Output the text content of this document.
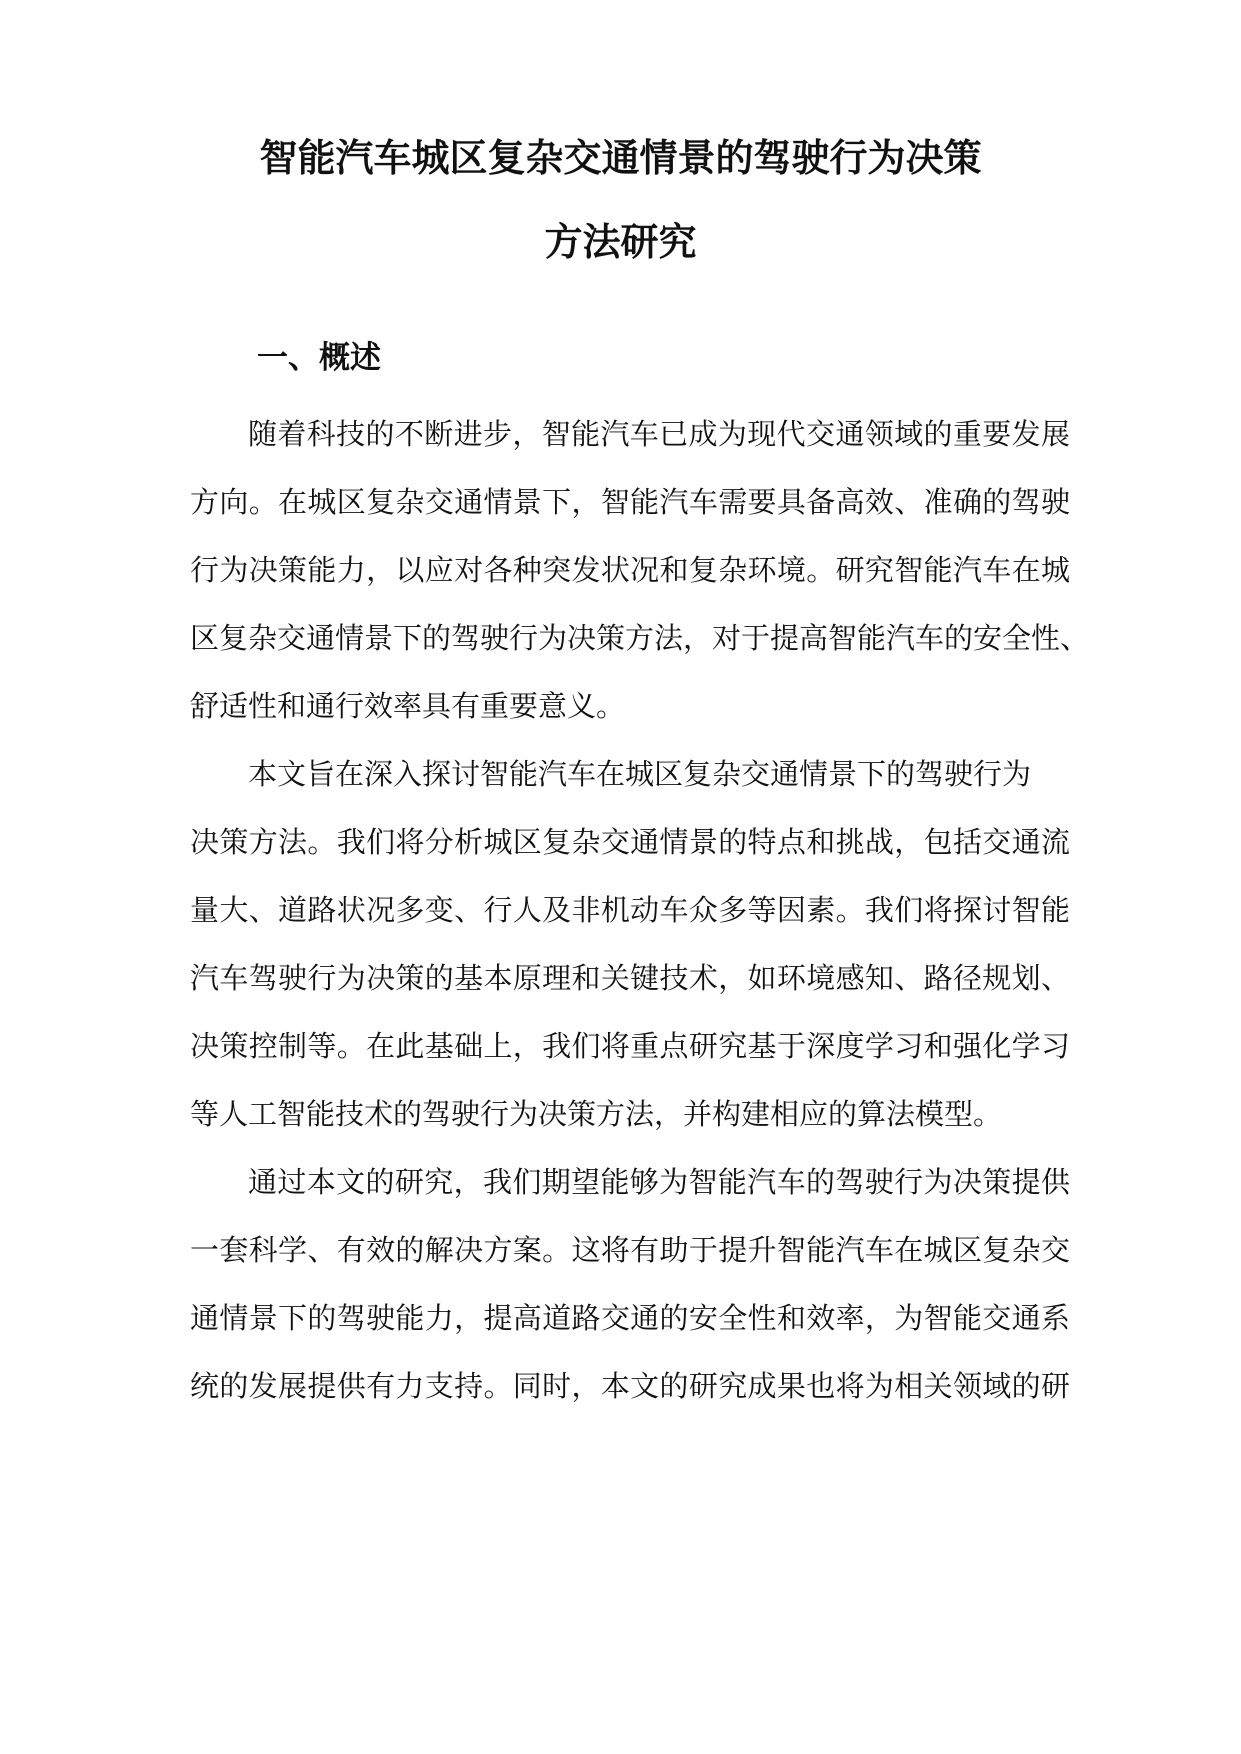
智能汽车城区复杂交通情景的驾驶行为决策
方法研究
一、概述
随着科技的不断进步，智能汽车已成为现代交通领域的重要发展
方向。在城区复杂交通情景下，智能汽车需要具备高效、准确的驾驶
行为决策能力，以应对各种突发状况和复杂环境。研究智能汽车在城
区复杂交通情景下的驾驶行为决策方法，对于提高智能汽车的安全性、
舒适性和通行效率具有重要意义。
本文旨在深入探讨智能汽车在城区复杂交通情景下的驾驶行为
决策方法。我们将分析城区复杂交通情景的特点和挑战，包括交通流
量大、道路状况多变、行人及非机动车众多等因素。我们将探讨智能
汽车驾驶行为决策的基本原理和关键技术，如环境感知、路径规划、
决策控制等。在此基础上，我们将重点研究基于深度学习和强化学习
等人工智能技术的驾驶行为决策方法，并构建相应的算法模型。
通过本文的研究，我们期望能够为智能汽车的驾驶行为决策提供
一套科学、有效的解决方案。这将有助于提升智能汽车在城区复杂交
通情景下的驾驶能力，提高道路交通的安全性和效率，为智能交通系
统的发展提供有力支持。同时，本文的研究成果也将为相关领域的研
